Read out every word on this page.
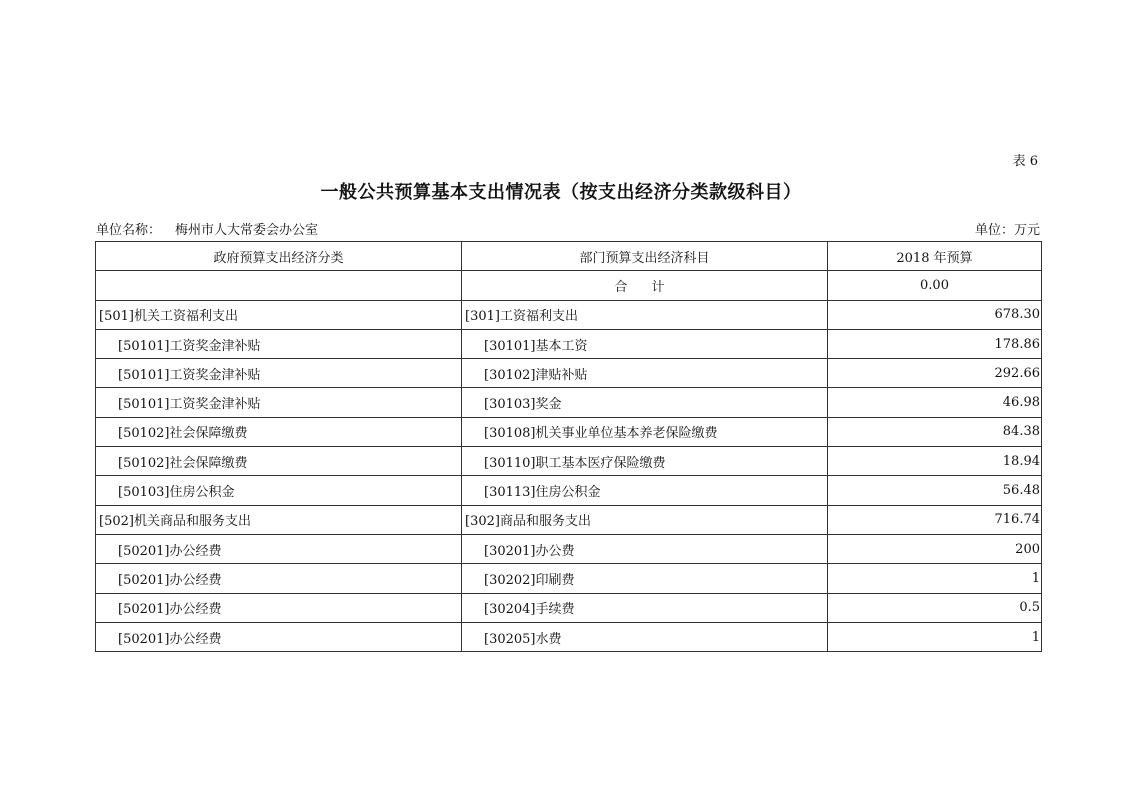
表 6
一般公共预算基本支出情况表（按支出经济分类款级科目）
单位名称： 梅州市人大常委会办公室	单位：万元
政府预算支出经济分类	部门预算支出经济科目	2018 年预算
	合 计	0.00
[501]机关工资福利支出	[301]工资福利支出	678.30
[50101]工资奖金津补贴	[30101]基本工资	178.86
[50101]工资奖金津补贴	[30102]津贴补贴	292.66
[50101]工资奖金津补贴	[30103]奖金	46.98
[50102]社会保障缴费	[30108]机关事业单位基本养老保险缴费	84.38
[50102]社会保障缴费	[30110]职工基本医疗保险缴费	18.94
[50103]住房公积金	[30113]住房公积金	56.48
[502]机关商品和服务支出	[302]商品和服务支出	716.74
[50201]办公经费	[30201]办公费	200
[50201]办公经费	[30202]印刷费	1
[50201]办公经费	[30204]手续费	0.5
[50201]办公经费	[30205]水费	1
